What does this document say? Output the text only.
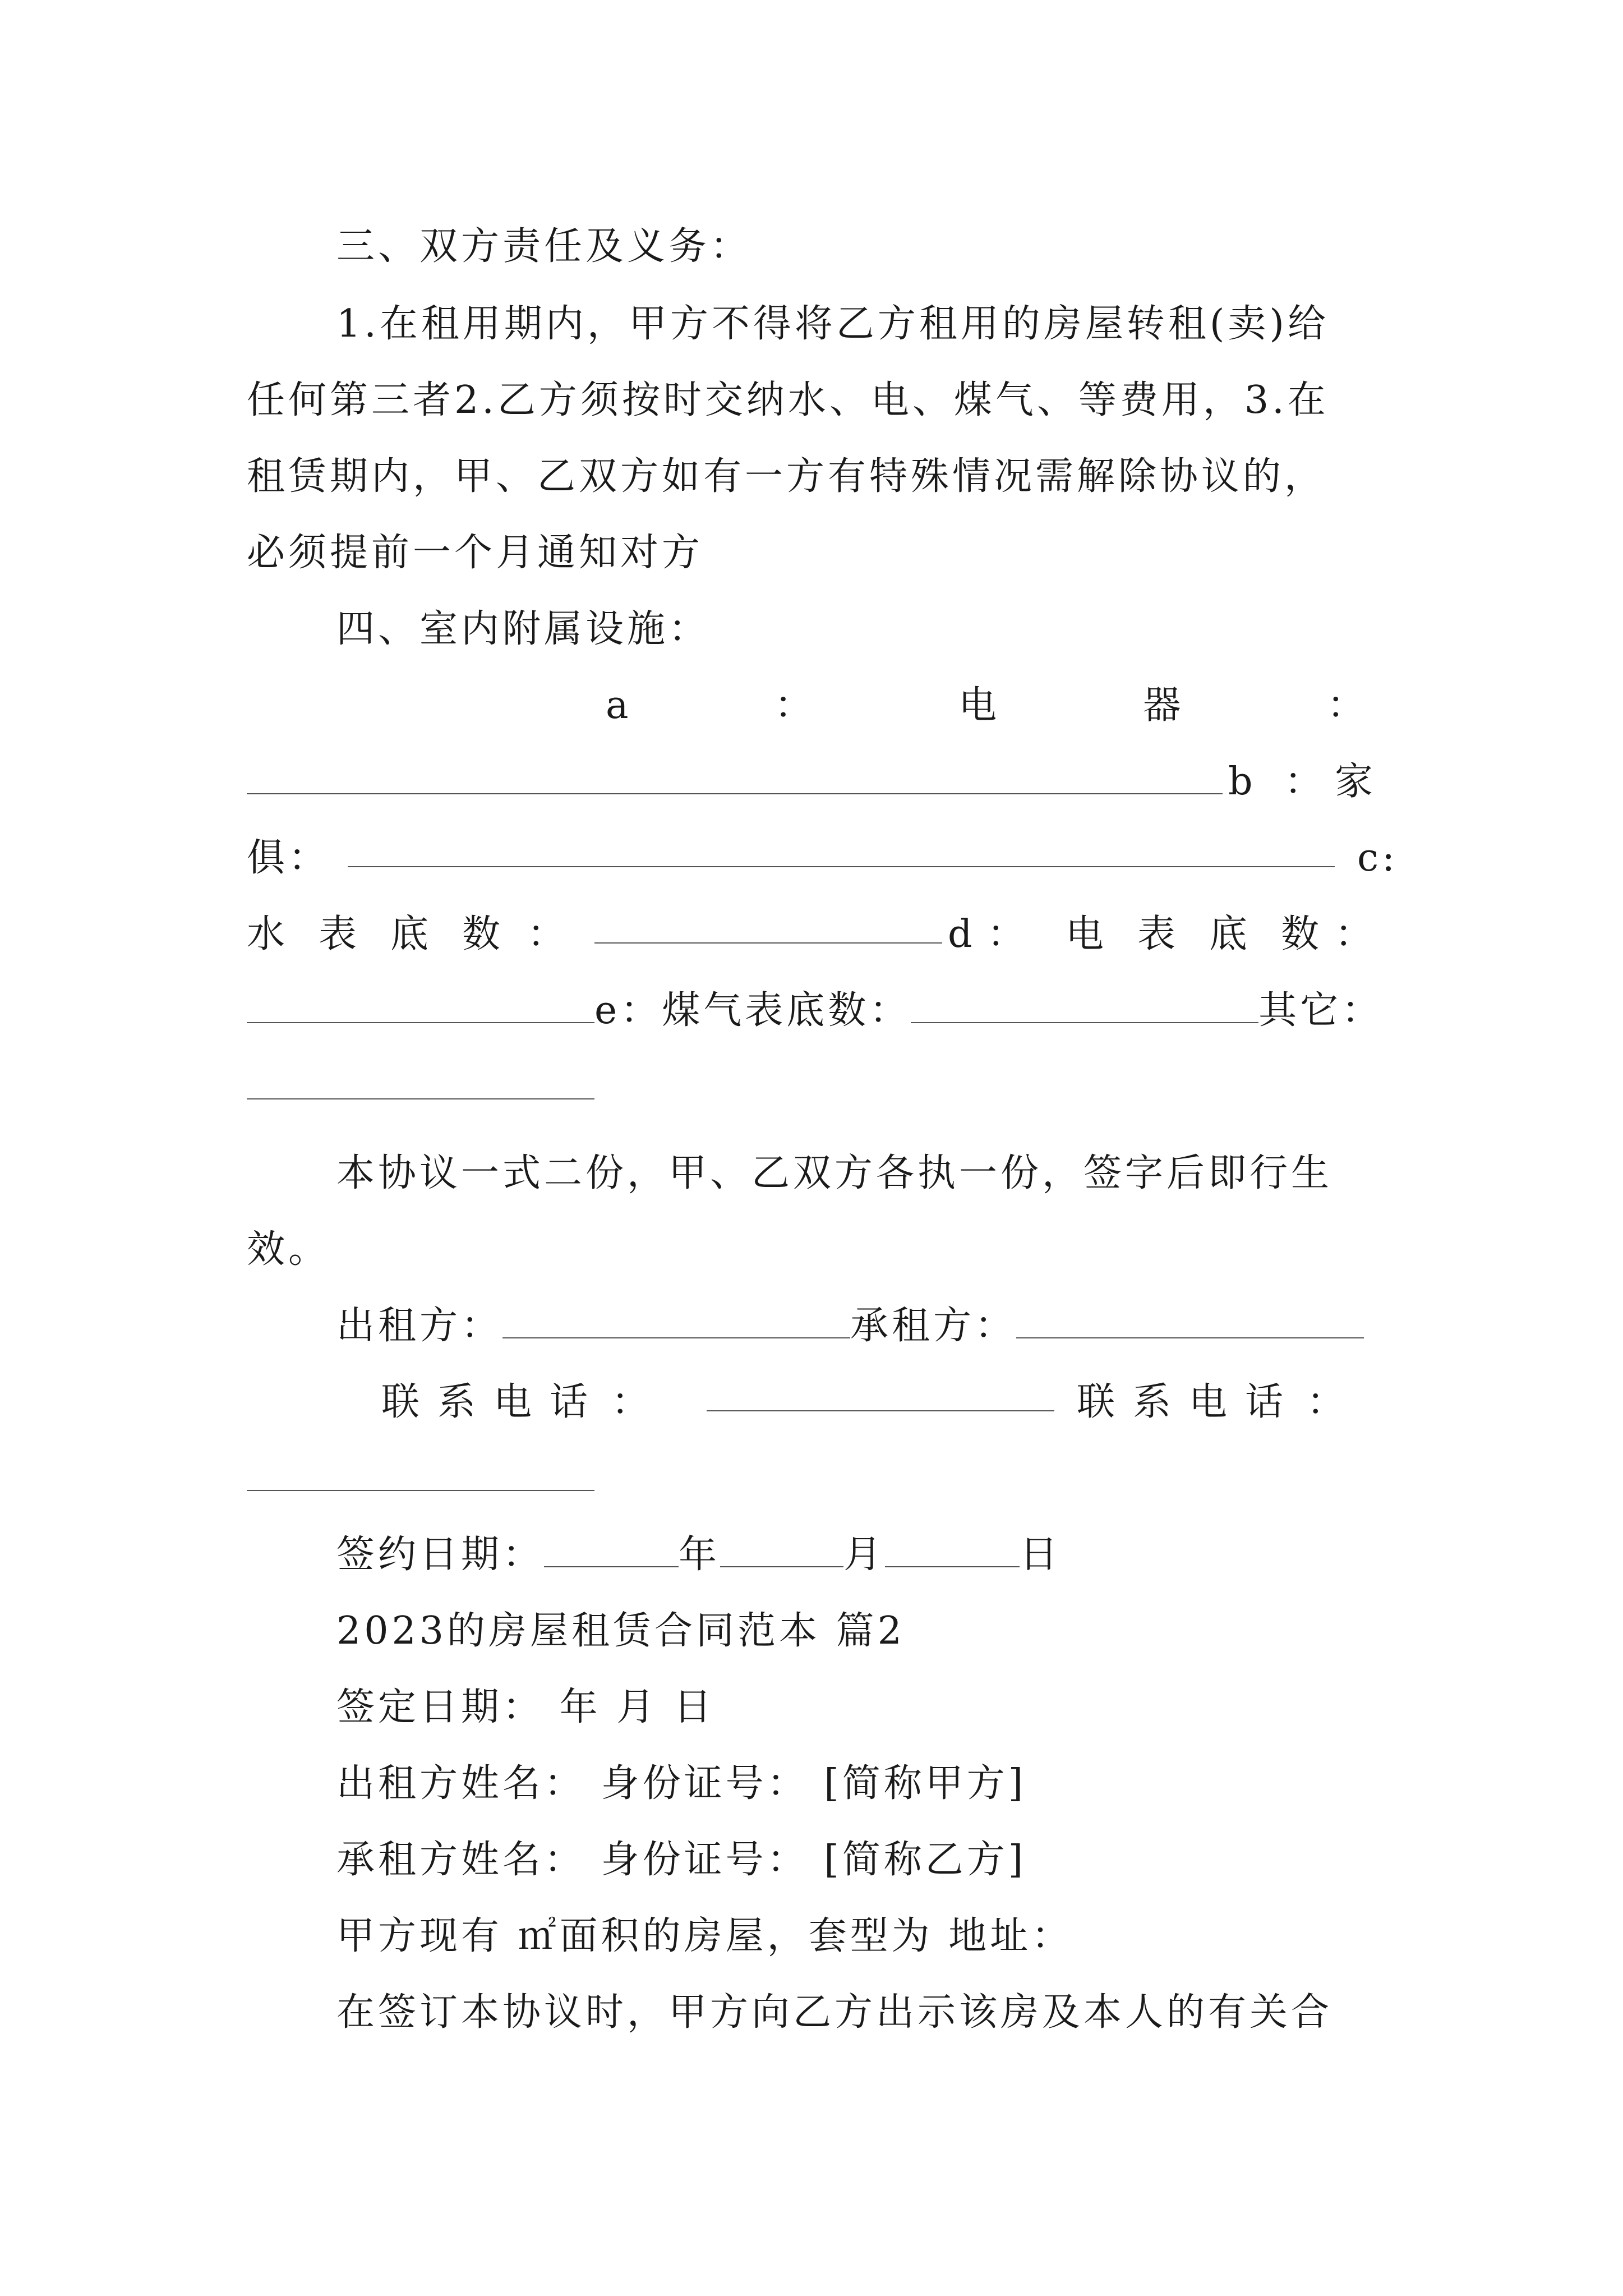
三、双方责任及义务：
1.在租用期内，甲方不得将乙方租用的房屋转租(卖)给
任何第三者2.乙方须按时交纳水、电、煤气、等费用，3.在
租赁期内，甲、乙双方如有一方有特殊情况需解除协议的，
必须提前一个月通知对方
四、室内附属设施：
a	：	电	器	：
b ： 家
俱：	c:
水 表 底 数 ：	d ： 电 表 底 数 ：
e：煤气表底数：	其它：
本协议一式二份，甲、乙双方各执一份，签字后即行生
效。
出租方：	承租方：
联 系 电 话 ：	联 系 电 话 ：
签约日期：	年	月	日
2023的房屋租赁合同范本 篇2
签定日期： 年 月 日
出租方姓名： 身份证号： [简称甲方]
承租方姓名： 身份证号： [简称乙方]
甲方现有 ㎡面积的房屋，套型为 地址：
在签订本协议时，甲方向乙方出示该房及本人的有关合
